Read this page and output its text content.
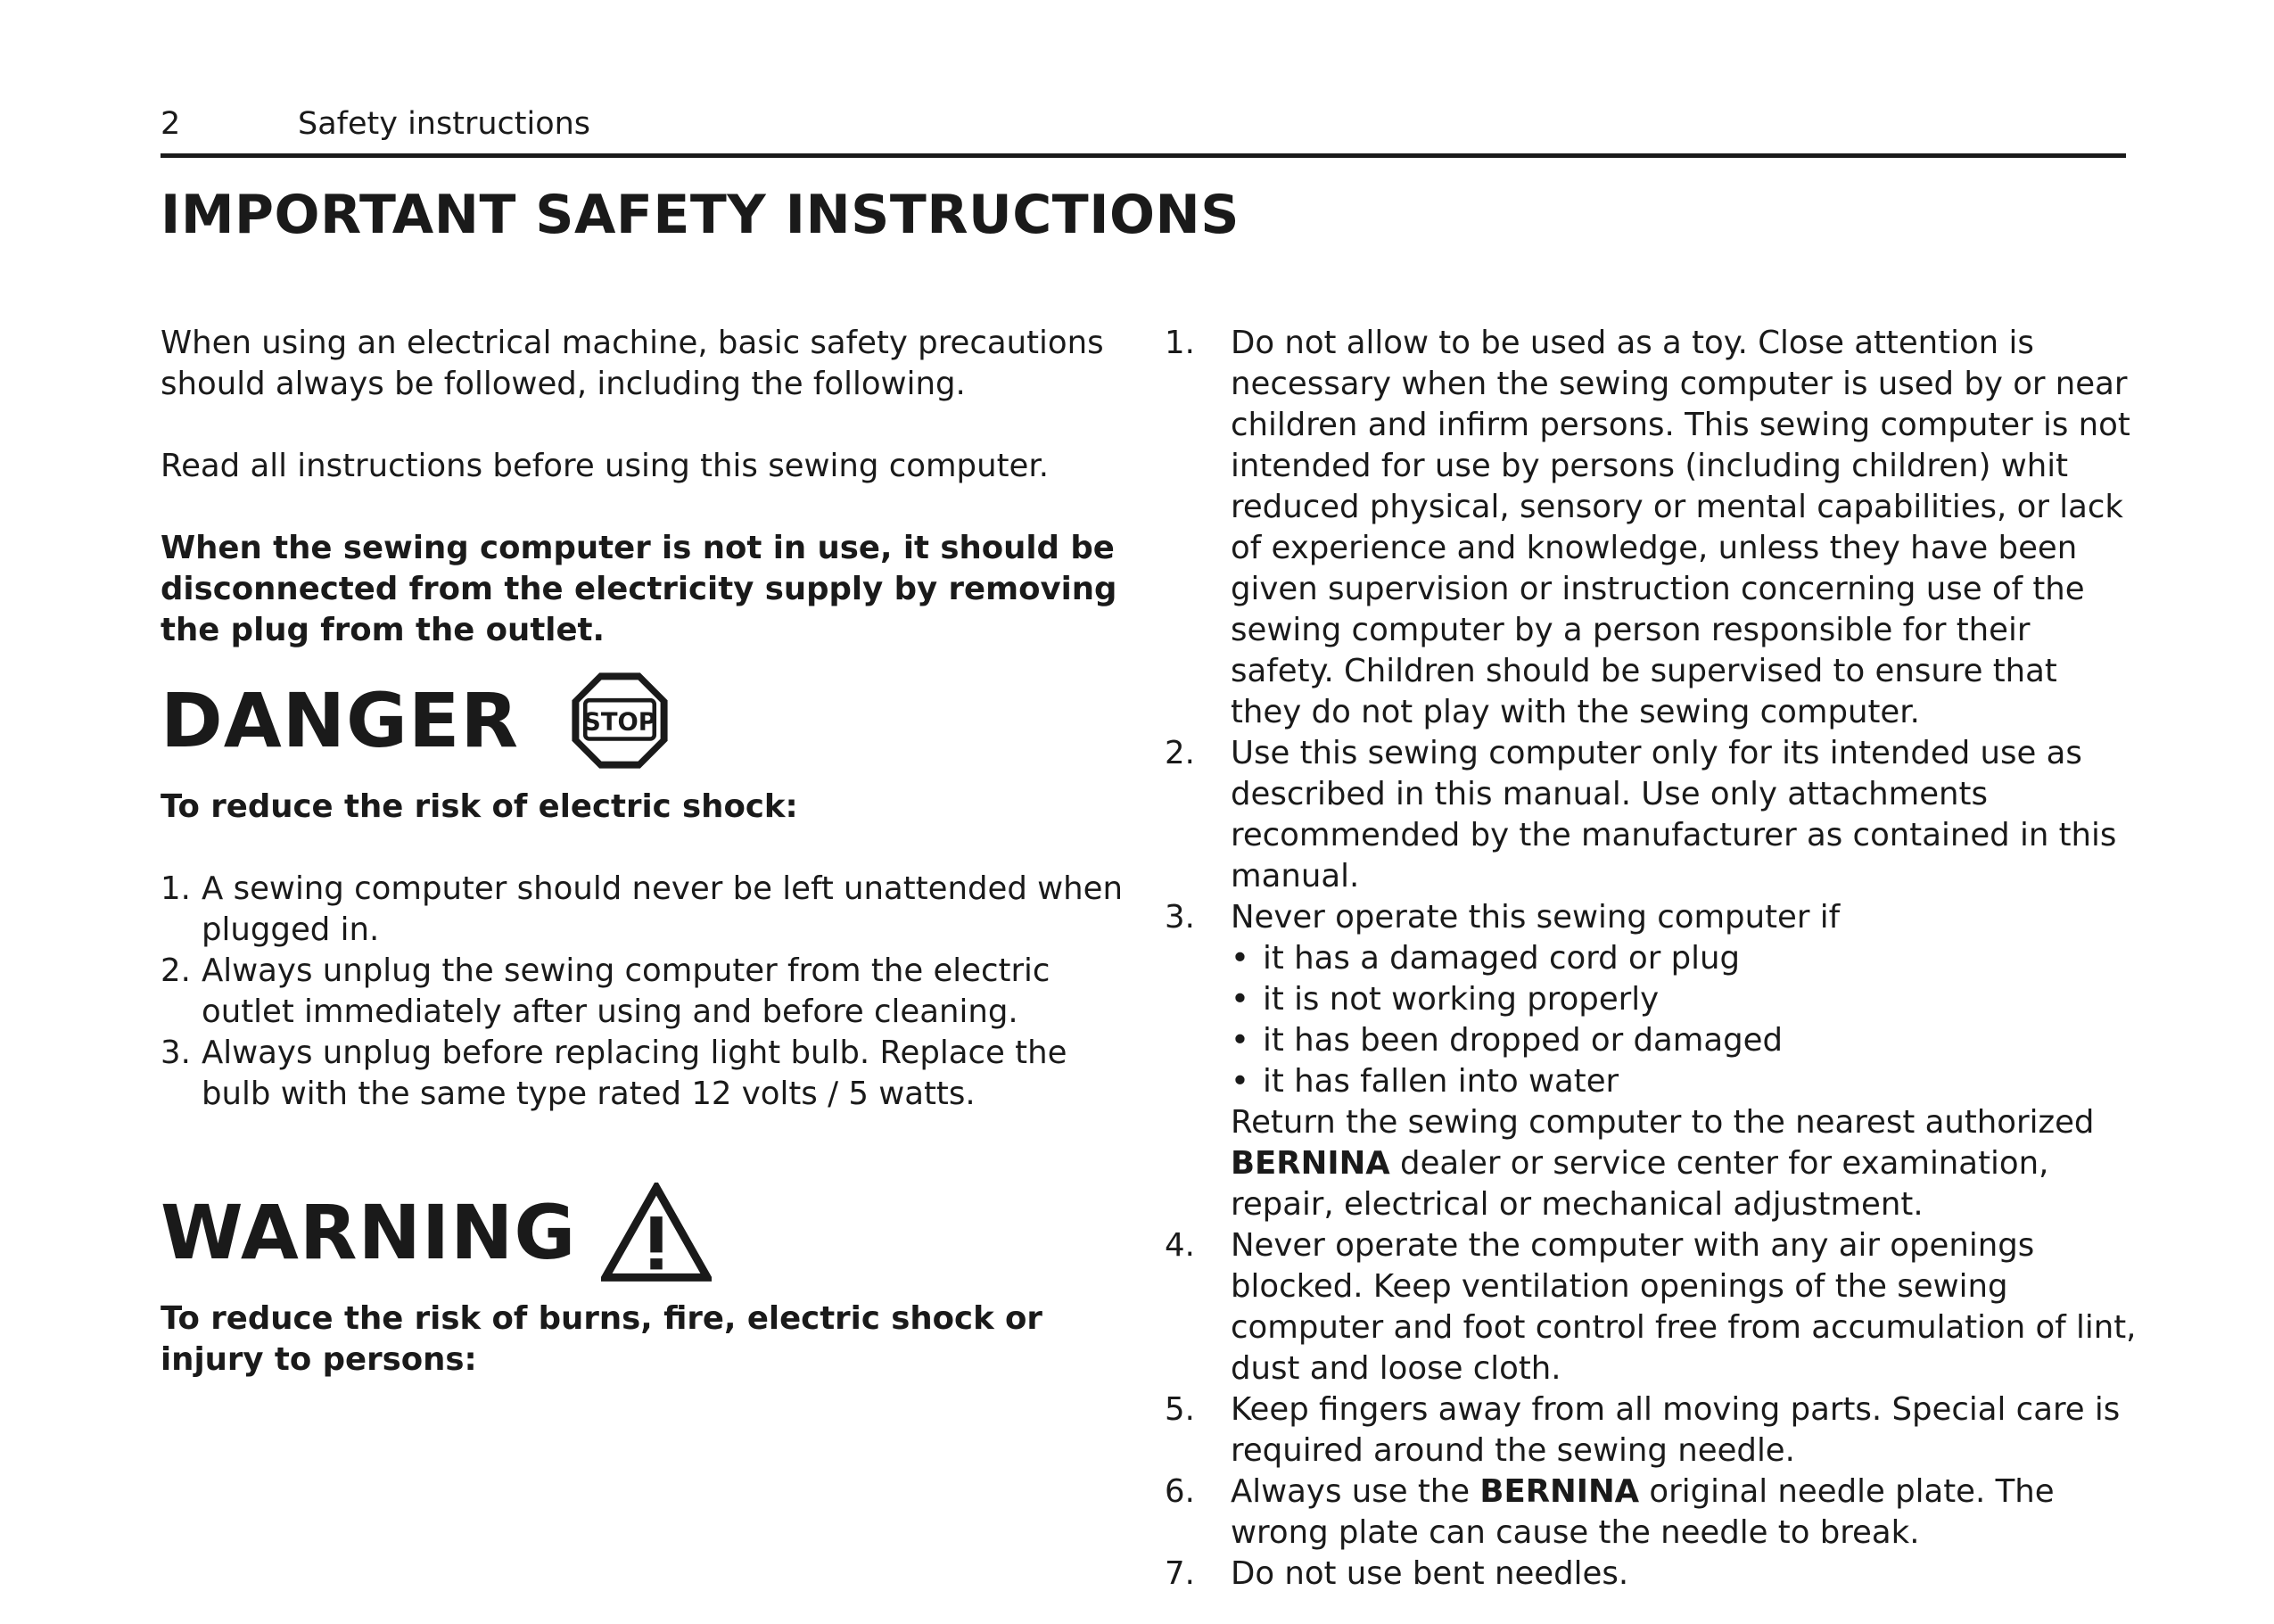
2	Safety instructions
IMPORTANT SAFETY INSTRUCTIONS

When using an electrical machine, basic safety precautions should always be followed, including the following.

Read all instructions before using this sewing computer.

When the sewing computer is not in use, it should be disconnected from the electricity supply by removing the plug from the outlet.

DANGER	STOP

To reduce the risk of electric shock:

1. A sewing computer should never be left unattended when plugged in.
2. Always unplug the sewing computer from the electric outlet immediately after using and before cleaning.
3. Always unplug before replacing light bulb. Replace the bulb with the same type rated 12 volts / 5 watts.
WARNING

To reduce the risk of burns, fire, electric shock or injury to persons:

1. Do not allow to be used as a toy. Close attention is necessary when the sewing computer is used by or near children and infirm persons. This sewing computer is not intended for use by persons (including children) whit reduced physical, sensory or mental capabilities, or lack of experience and knowledge, unless they have been given supervision or instruction concerning use of the sewing computer by a person responsible for their safety. Children should be supervised to ensure that they do not play with the sewing computer.
2. Use this sewing computer only for its intended use as described in this manual. Use only attachments recommended by the manufacturer as contained in this manual.
3. Never operate this sewing computer if
• it has a damaged cord or plug
• it is not working properly
• it has been dropped or damaged
• it has fallen into water
Return the sewing computer to the nearest authorized BERNINA dealer or service center for examination, repair, electrical or mechanical adjustment.
4. Never operate the computer with any air openings blocked. Keep ventilation openings of the sewing computer and foot control free from accumulation of lint, dust and loose cloth.
5. Keep fingers away from all moving parts. Special care is required around the sewing needle.
6. Always use the BERNINA original needle plate. The wrong plate can cause the needle to break.
7. Do not use bent needles.
